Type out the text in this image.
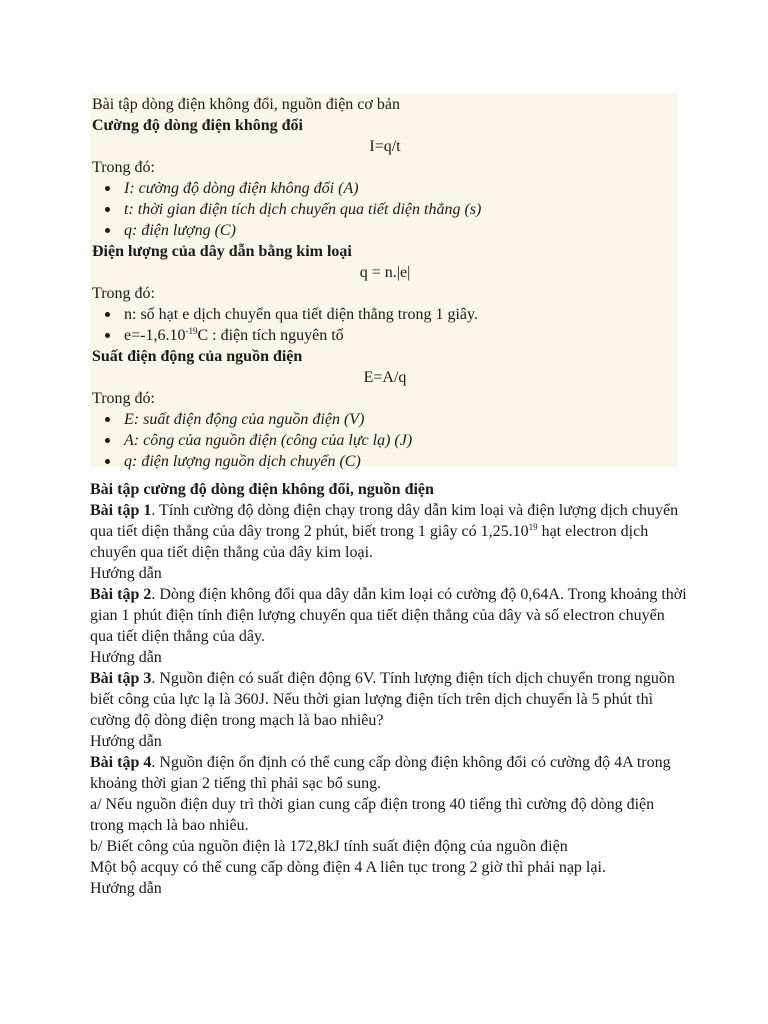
Bài tập dòng điện không đổi, nguồn điện cơ bản

Cường độ dòng điện không đổi

I=q/t

Trong đó:

I: cường độ dòng điện không đổi (A)
t: thời gian điện tích dịch chuyển qua tiết diện thẳng (s)
q: điện lượng (C)

Điện lượng của dây dẫn bằng kim loại

q = n.|e|

Trong đó:

n: số hạt e dịch chuyển qua tiết diện thẳng trong 1 giây.
$e=-1,6.10^{-19}C$ : điện tích nguyên tố

Suất điện động của nguồn điện

E=A/q

Trong đó:

E: suất điện động của nguồn điện (V)
A: công của nguồn điện (công của lực lạ) (J)
q: điện lượng nguồn dịch chuyển (C)

Bài tập cường độ dòng điện không đổi, nguồn điện

Bài tập 1. Tính cường độ dòng điện chạy trong dây dẫn kim loại và điện lượng dịch chuyển qua tiết diện thẳng của dây trong 2 phút, biết trong 1 giây có 1,25.10$^{19}$ hạt electron dịch chuyển qua tiết diện thẳng của dây kim loại.

Hướng dẫn

Bài tập 2. Dòng điện không đổi qua dây dẫn kim loại có cường độ 0,64A. Trong khoảng thời gian 1 phút điện tính điện lượng chuyển qua tiết diện thẳng của dây và số electron chuyển qua tiết diện thẳng của dây.

Hướng dẫn

Bài tập 3. Nguồn điện có suất điện động 6V. Tính lượng điện tích dịch chuyển trong nguồn biết công của lực lạ là 360J. Nếu thời gian lượng điện tích trên dịch chuyển là 5 phút thì cường độ dòng điện trong mạch là bao nhiêu?

Hướng dẫn

Bài tập 4. Nguồn điện ổn định có thể cung cấp dòng điện không đổi có cường độ 4A trong khoảng thời gian 2 tiếng thì phải sạc bổ sung.

a/ Nếu nguồn điện duy trì thời gian cung cấp điện trong 40 tiếng thì cường độ dòng điện trong mạch là bao nhiêu.

b/ Biết công của nguồn điện là 172,8kJ tính suất điện động của nguồn điện

Một bộ acquy có thể cung cấp dòng điện 4 A liên tục trong 2 giờ thì phải nạp lại.

Hướng dẫn
